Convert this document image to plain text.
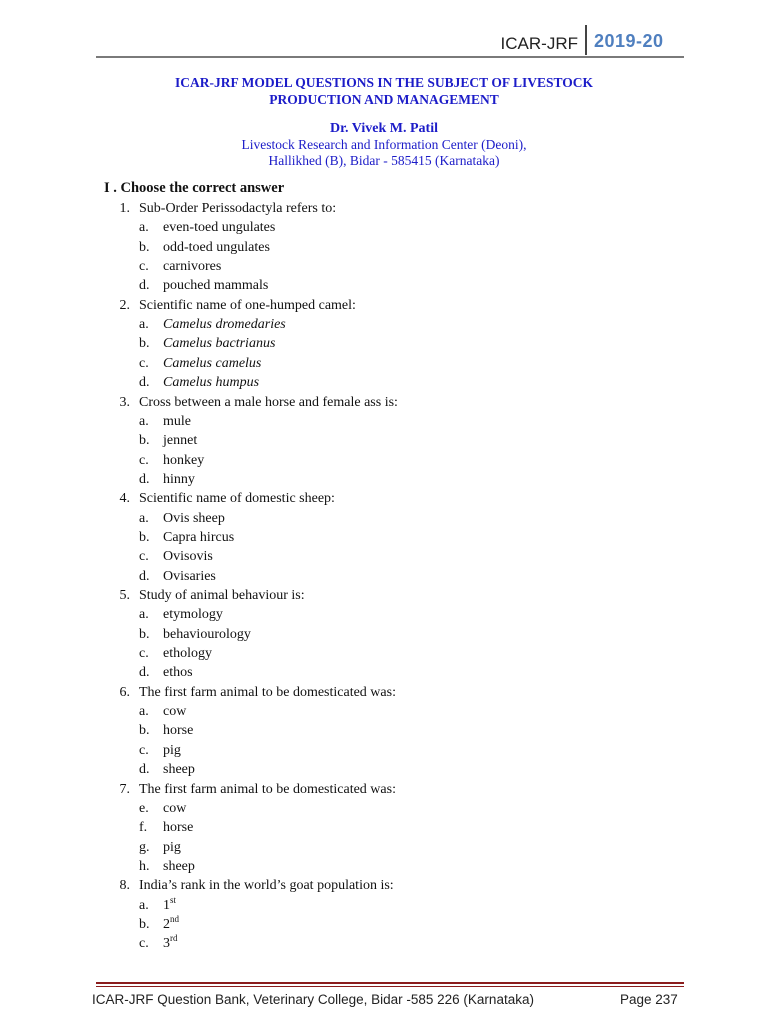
ICAR-JRF 2019-20
ICAR-JRF MODEL QUESTIONS IN THE SUBJECT OF LIVESTOCK
PRODUCTION AND MANAGEMENT
Dr. Vivek M. Patil
Livestock Research and Information Center (Deoni),
Hallikhed (B), Bidar - 585415 (Karnataka)
I . Choose the correct answer
1. Sub-Order Perissodactyla refers to:
a. even-toed ungulates
b. odd-toed ungulates
c. carnivores
d. pouched mammals
2. Scientific name of one-humped camel:
a. Camelus dromedaries
b. Camelus bactrianus
c. Camelus camelus
d. Camelus humpus
3. Cross between a male horse and female ass is:
a. mule
b. jennet
c. honkey
d. hinny
4. Scientific name of domestic sheep:
a. Ovis sheep
b. Capra hircus
c. Ovisovis
d. Ovisaries
5. Study of animal behaviour is:
a. etymology
b. behaviourology
c. ethology
d. ethos
6. The first farm animal to be domesticated was:
a. cow
b. horse
c. pig
d. sheep
7. The first farm animal to be domesticated was:
e. cow
f. horse
g. pig
h. sheep
8. India’s rank in the world’s goat population is:
a. 1st
b. 2nd
c. 3rd
ICAR-JRF Question Bank, Veterinary College, Bidar -585 226 (Karnataka)	Page 237
